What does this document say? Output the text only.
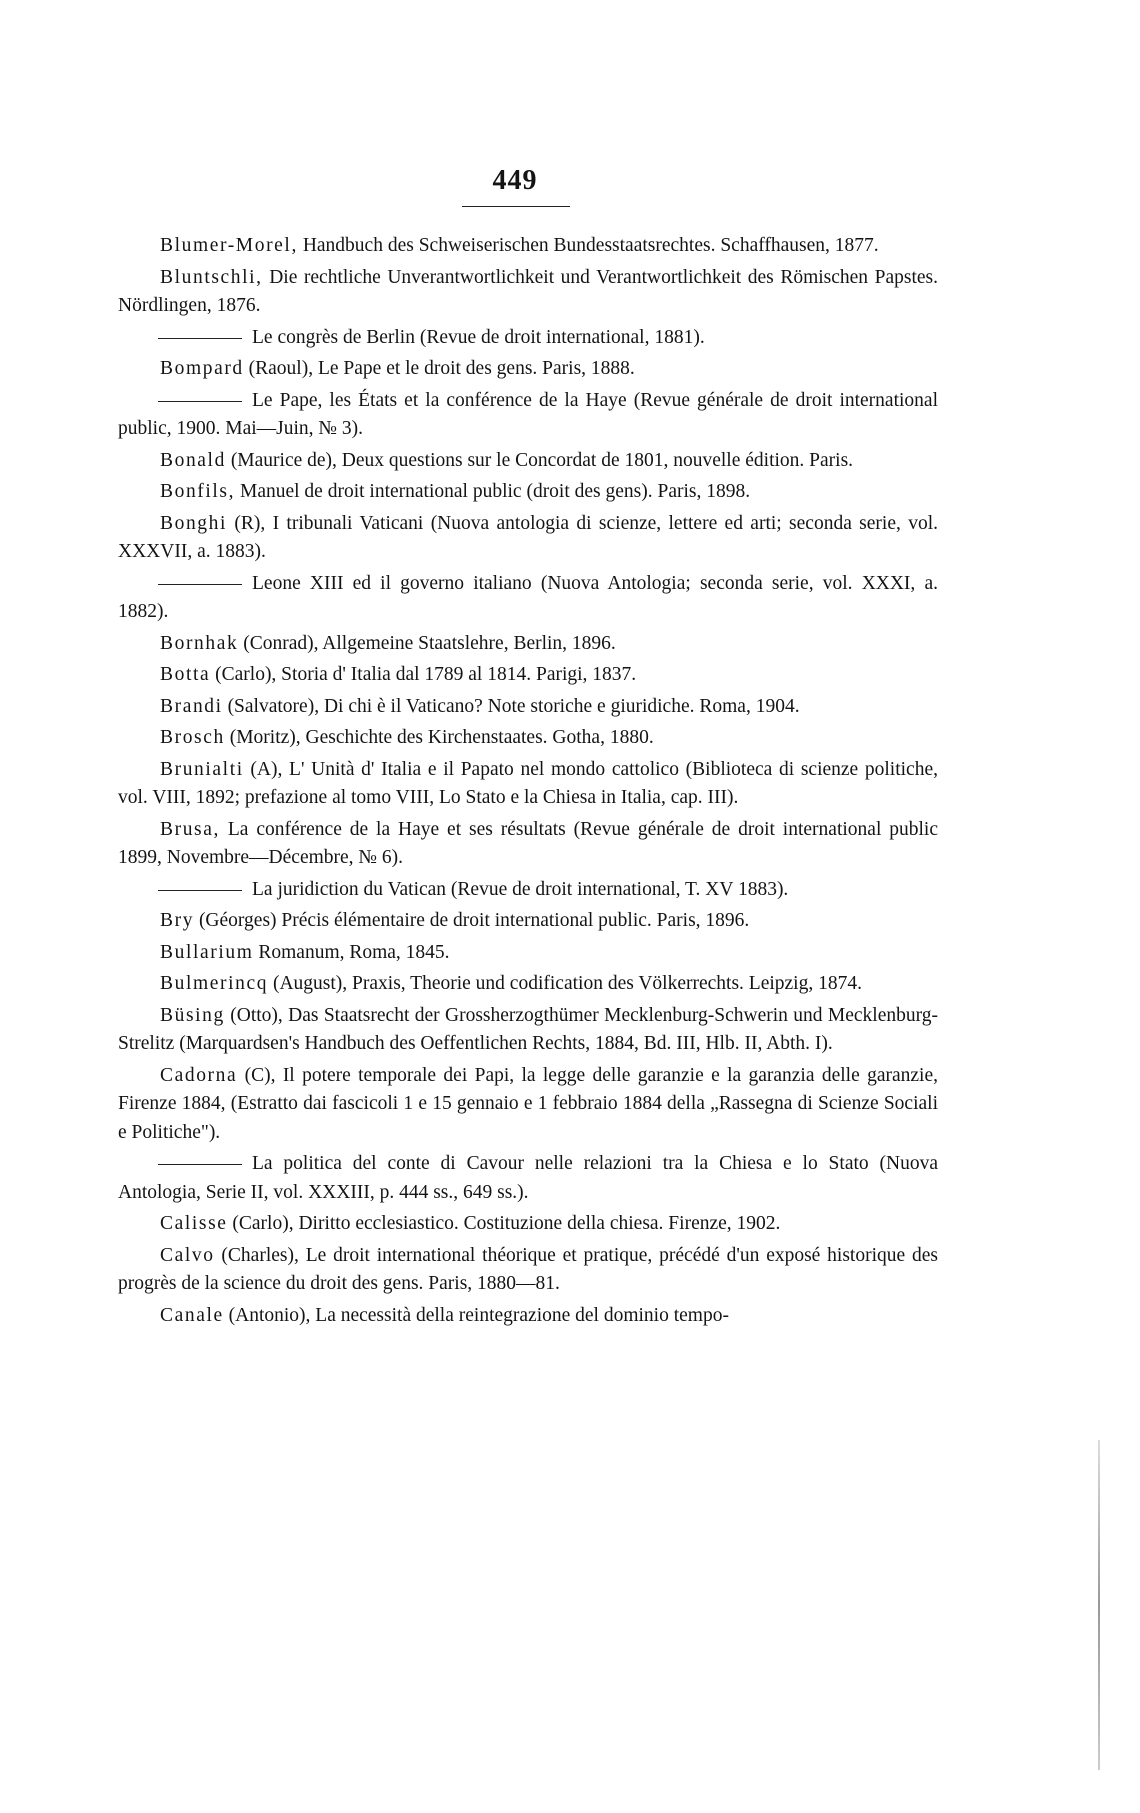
449

Blumer-Morel, Handbuch des Schweiserischen Bundesstaatsrechtes. Schaffhausen, 1877.

Bluntschli, Die rechtliche Unverantwortlichkeit und Verantwortlichkeit des Römischen Papstes. Nördlingen, 1876.

Le congrès de Berlin (Revue de droit international, 1881).

Bompard (Raoul), Le Pape et le droit des gens. Paris, 1888.

Le Pape, les États et la conférence de la Haye (Revue générale de droit international public, 1900. Mai—Juin, № 3).

Bonald (Maurice de), Deux questions sur le Concordat de 1801, nouvelle édition. Paris.

Bonfils, Manuel de droit international public (droit des gens). Paris, 1898.

Bonghi (R), I tribunali Vaticani (Nuova antologia di scienze, lettere ed arti; seconda serie, vol. XXXVII, a. 1883).

Leone XIII ed il governo italiano (Nuova Antologia; seconda serie, vol. XXXI, a. 1882).

Bornhak (Conrad), Allgemeine Staatslehre, Berlin, 1896.

Botta (Carlo), Storia d' Italia dal 1789 al 1814. Parigi, 1837.

Brandi (Salvatore), Di chi è il Vaticano? Note storiche e giuridiche. Roma, 1904.

Brosch (Moritz), Geschichte des Kirchenstaates. Gotha, 1880.

Brunialti (A), L' Unità d' Italia e il Papato nel mondo cattolico (Biblioteca di scienze politiche, vol. VIII, 1892; prefazione al tomo VIII, Lo Stato e la Chiesa in Italia, cap. III).

Brusa, La conférence de la Haye et ses résultats (Revue générale de droit international public 1899, Novembre—Décembre, № 6).

La juridiction du Vatican (Revue de droit international, T. XV 1883).

Bry (Géorges) Précis élémentaire de droit international public. Paris, 1896.

Bullarium Romanum, Roma, 1845.

Bulmerincq (August), Praxis, Theorie und codification des Völkerrechts. Leipzig, 1874.

Büsing (Otto), Das Staatsrecht der Grossherzogthümer Mecklenburg-Schwerin und Mecklenburg-Strelitz (Marquardsen's Handbuch des Oeffentlichen Rechts, 1884, Bd. III, Hlb. II, Abth. I).

Cadorna (C), Il potere temporale dei Papi, la legge delle garanzie e la garanzia delle garanzie, Firenze 1884, (Estratto dai fascicoli 1 e 15 gennaio e 1 febbraio 1884 della „Rassegna di Scienze Sociali e Politiche").

La politica del conte di Cavour nelle relazioni tra la Chiesa e lo Stato (Nuova Antologia, Serie II, vol. XXXIII, p. 444 ss., 649 ss.).

Calisse (Carlo), Diritto ecclesiastico. Costituzione della chiesa. Firenze, 1902.

Calvo (Charles), Le droit international théorique et pratique, précédé d'un exposé historique des progrès de la science du droit des gens. Paris, 1880—81.

Canale (Antonio), La necessità della reintegrazione del dominio tempo-
